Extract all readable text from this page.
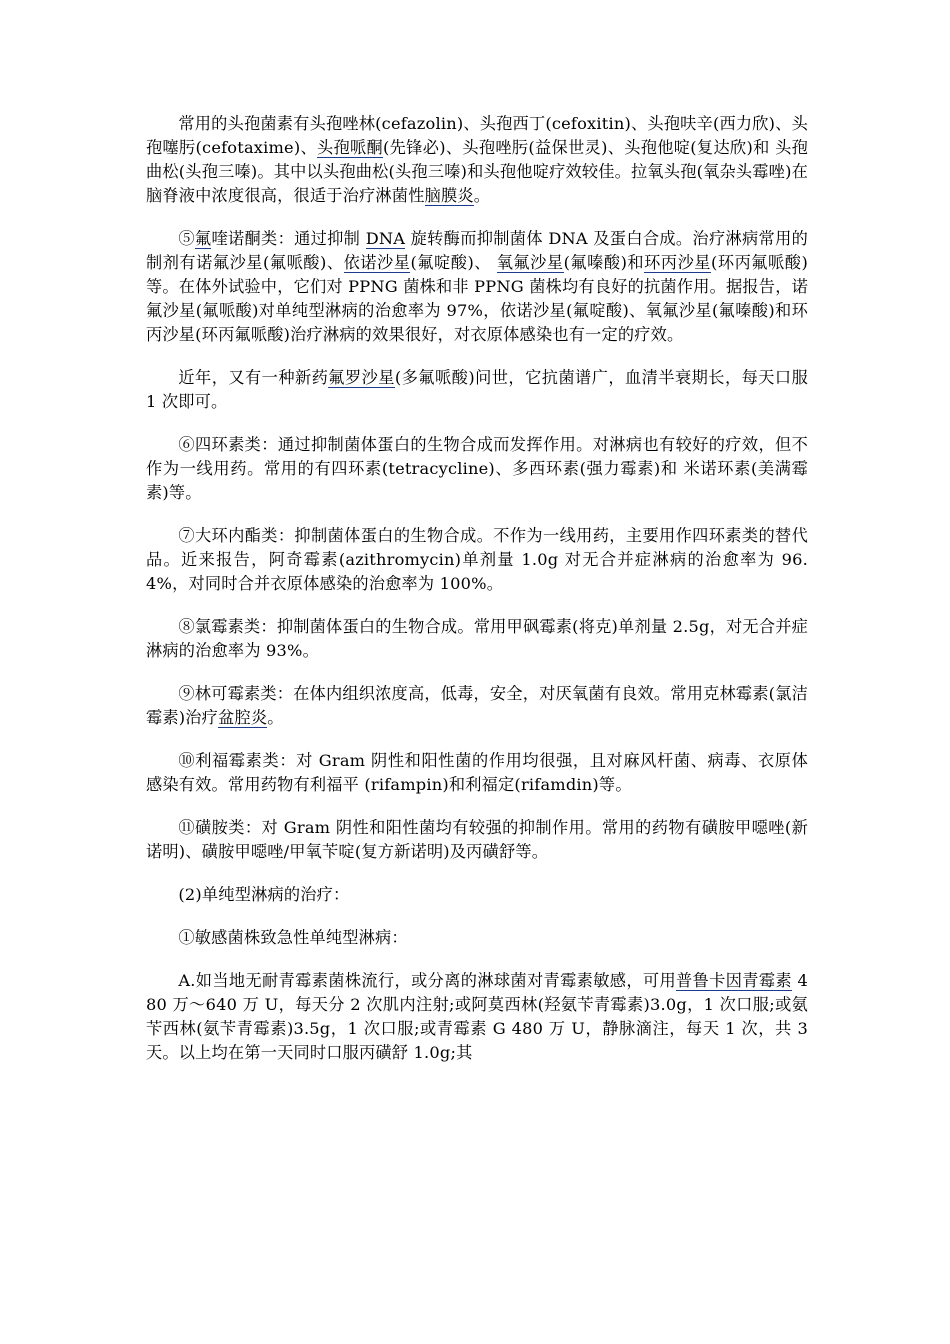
常用的头孢菌素有头孢唑林(cefazolin)、头孢西丁(cefoxitin)、头孢呋辛(西力欣)、头孢噻肟(cefotaxime)、头孢哌酮(先锋必)、头孢唑肟(益保世灵)、头孢他啶(复达欣)和 头孢曲松(头孢三嗪)。其中以头孢曲松(头孢三嗪)和头孢他啶疗效较佳。拉氧头孢(氧杂头霉唑)在脑脊液中浓度很高，很适于治疗淋菌性脑膜炎。

⑤氟喹诺酮类：通过抑制 DNA 旋转酶而抑制菌体 DNA 及蛋白合成。治疗淋病常用的制剂有诺氟沙星(氟哌酸)、依诺沙星(氟啶酸)、 氧氟沙星(氟嗪酸)和环丙沙星(环丙氟哌酸)等。在体外试验中，它们对 PPNG 菌株和非 PPNG 菌株均有良好的抗菌作用。据报告，诺氟沙星(氟哌酸)对单纯型淋病的治愈率为 97%，依诺沙星(氟啶酸)、氧氟沙星(氟嗪酸)和环丙沙星(环丙氟哌酸)治疗淋病的效果很好，对衣原体感染也有一定的疗效。

近年，又有一种新药氟罗沙星(多氟哌酸)问世，它抗菌谱广，血清半衰期长，每天口服 1 次即可。

⑥四环素类：通过抑制菌体蛋白的生物合成而发挥作用。对淋病也有较好的疗效，但不作为一线用药。常用的有四环素(tetracycline)、多西环素(强力霉素)和 米诺环素(美满霉素)等。

⑦大环内酯类：抑制菌体蛋白的生物合成。不作为一线用药，主要用作四环素类的替代品。近来报告，阿奇霉素(azithromycin)单剂量 1.0g 对无合并症淋病的治愈率为 96.4%，对同时合并衣原体感染的治愈率为 100%。

⑧氯霉素类：抑制菌体蛋白的生物合成。常用甲砜霉素(将克)单剂量 2.5g，对无合并症淋病的治愈率为 93%。

⑨林可霉素类：在体内组织浓度高，低毒，安全，对厌氧菌有良效。常用克林霉素(氯洁霉素)治疗盆腔炎。

⑩利福霉素类：对 Gram 阴性和阳性菌的作用均很强，且对麻风杆菌、病毒、衣原体感染有效。常用药物有利福平 (rifampin)和利福定(rifamdin)等。

⑪磺胺类：对 Gram 阴性和阳性菌均有较强的抑制作用。常用的药物有磺胺甲噁唑(新诺明)、磺胺甲噁唑/甲氧苄啶(复方新诺明)及丙磺舒等。

(2)单纯型淋病的治疗：

①敏感菌株致急性单纯型淋病：

A.如当地无耐青霉素菌株流行，或分离的淋球菌对青霉素敏感，可用普鲁卡因青霉素 480 万～640 万 U，每天分 2 次肌内注射;或阿莫西林(羟氨苄青霉素)3.0g，1 次口服;或氨苄西林(氨苄青霉素)3.5g，1 次口服;或青霉素 G 480 万 U，静脉滴注，每天 1 次，共 3 天。以上均在第一天同时口服丙磺舒 1.0g;其
